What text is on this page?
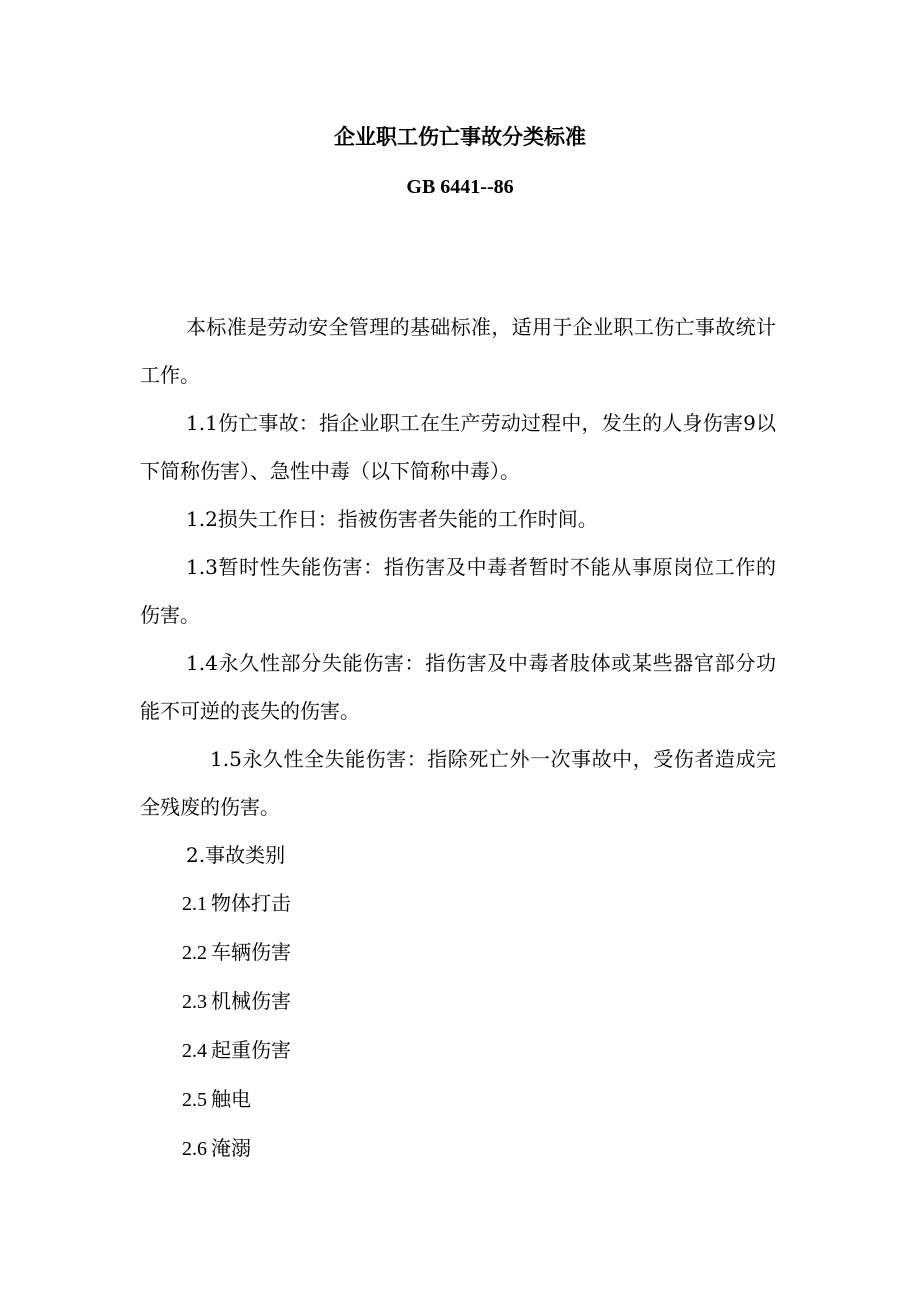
企业职工伤亡事故分类标准
GB 6441--86

本标准是劳动安全管理的基础标准，适用于企业职工伤亡事故统计工作。

1.1伤亡事故：指企业职工在生产劳动过程中，发生的人身伤害9以下简称伤害）、急性中毒（以下简称中毒）。

1.2损失工作日：指被伤害者失能的工作时间。

1.3暂时性失能伤害：指伤害及中毒者暂时不能从事原岗位工作的伤害。

1.4永久性部分失能伤害：指伤害及中毒者肢体或某些器官部分功能不可逆的丧失的伤害。

1.5永久性全失能伤害：指除死亡外一次事故中，受伤者造成完全残废的伤害。

2.事故类别

2.1 物体打击
2.2 车辆伤害
2.3 机械伤害
2.4 起重伤害
2.5 触电
2.6 淹溺
